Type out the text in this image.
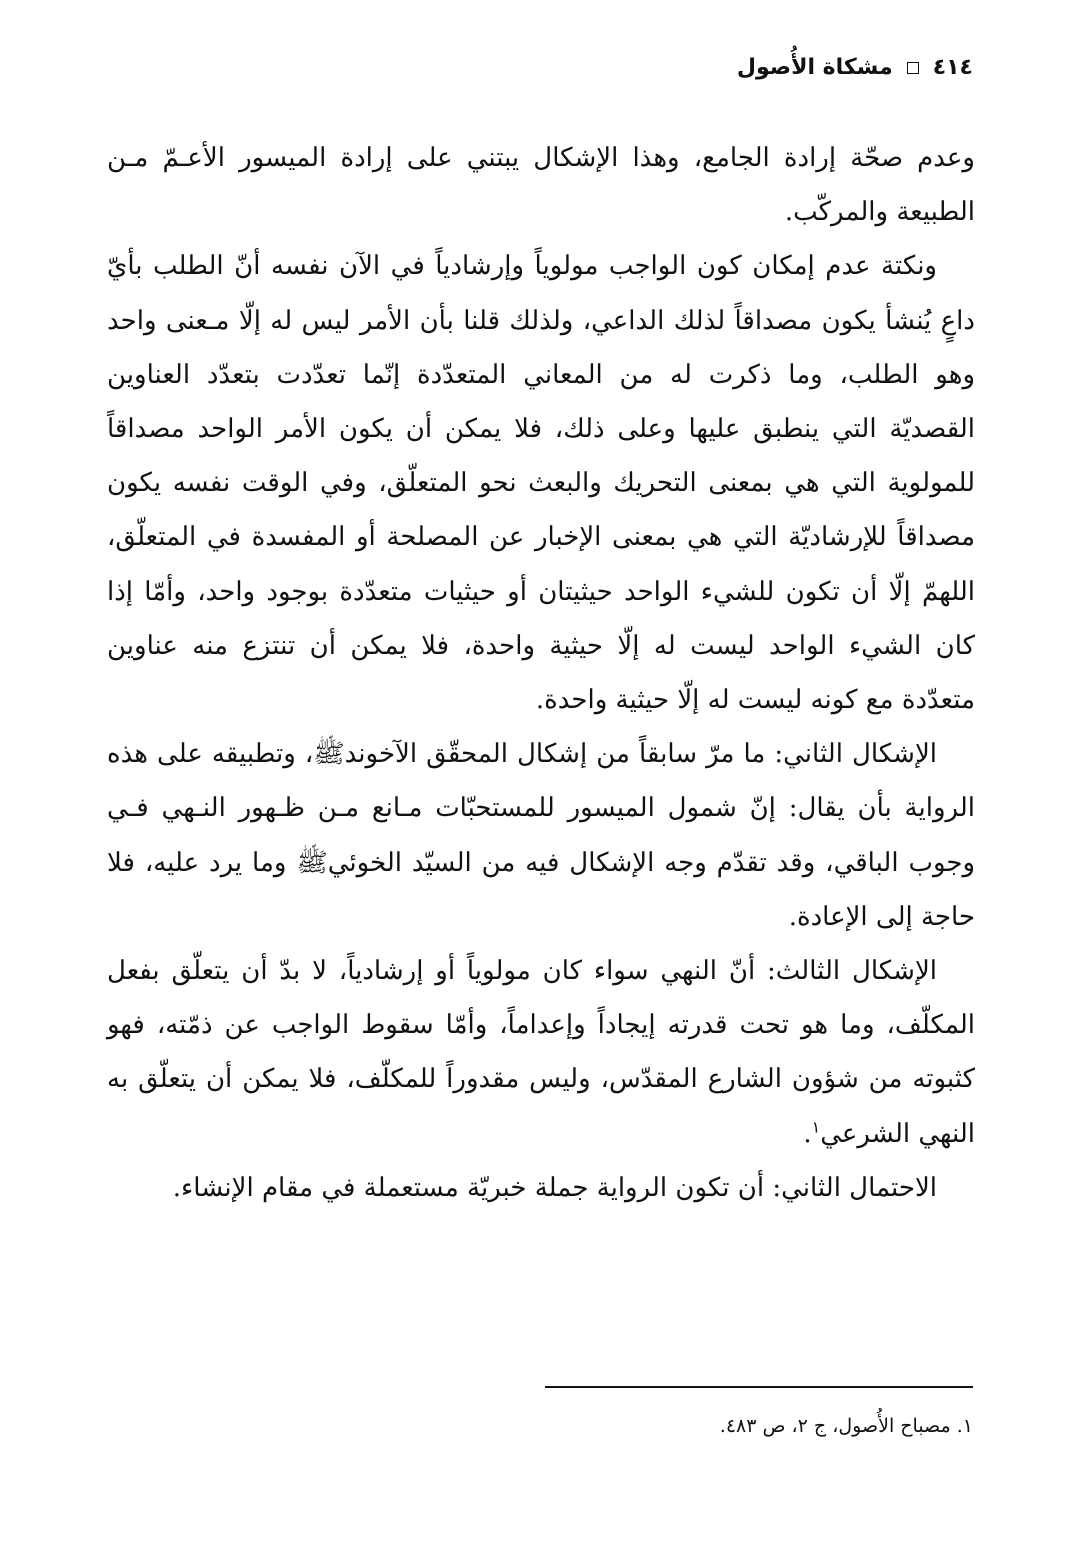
٤١٤
مشكاة الأُصول

وعدم صحّة إرادة الجامع، وهذا الإشكال يبتني على إرادة الميسور الأعـمّ مـن الطبيعة والمركّب.

ونكتة عدم إمكان كون الواجب مولوياً وإرشادياً في الآن نفسه أنّ الطلب بأيّ داعٍ يُنشأ يكون مصداقاً لذلك الداعي، ولذلك قلنا بأن الأمر ليس له إلّا مـعنى واحد وهو الطلب، وما ذكرت له من المعاني المتعدّدة إنّما تعدّدت بتعدّد العناوين القصديّة التي ينطبق عليها وعلى ذلك، فلا يمكن أن يكون الأمر الواحد مصداقاً للمولوية التي هي بمعنى التحريك والبعث نحو المتعلّق، وفي الوقت نفسه يكون مصداقاً للإرشاديّة التي هي بمعنى الإخبار عن المصلحة أو المفسدة في المتعلّق، اللهمّ إلّا أن تكون للشيء الواحد حيثيتان أو حيثيات متعدّدة بوجود واحد، وأمّا إذا كان الشيء الواحد ليست له إلّا حيثية واحدة، فلا يمكن أن تنتزع منه عناوين متعدّدة مع كونه ليست له إلّا حيثية واحدة.

الإشكال الثاني: ما مرّ سابقاً من إشكال المحقّق الآخوندﷺ، وتطبيقه على هذه الرواية بأن يقال: إنّ شمول الميسور للمستحبّات مـانع مـن ظـهور النـهي فـي وجوب الباقي، وقد تقدّم وجه الإشكال فيه من السيّد الخوئيﷺ وما يرد عليه، فلا حاجة إلى الإعادة.

الإشكال الثالث: أنّ النهي سواء كان مولوياً أو إرشادياً، لا بدّ أن يتعلّق بفعل المكلّف، وما هو تحت قدرته إيجاداً وإعداماً، وأمّا سقوط الواجب عن ذمّته، فهو كثبوته من شؤون الشارع المقدّس، وليس مقدوراً للمكلّف، فلا يمكن أن يتعلّق به النهي الشرعي$^١$.

الاحتمال الثاني: أن تكون الرواية جملة خبريّة مستعملة في مقام الإنشاء.

١. مصباح الأُصول، ج ٢، ص ٤٨٣.
